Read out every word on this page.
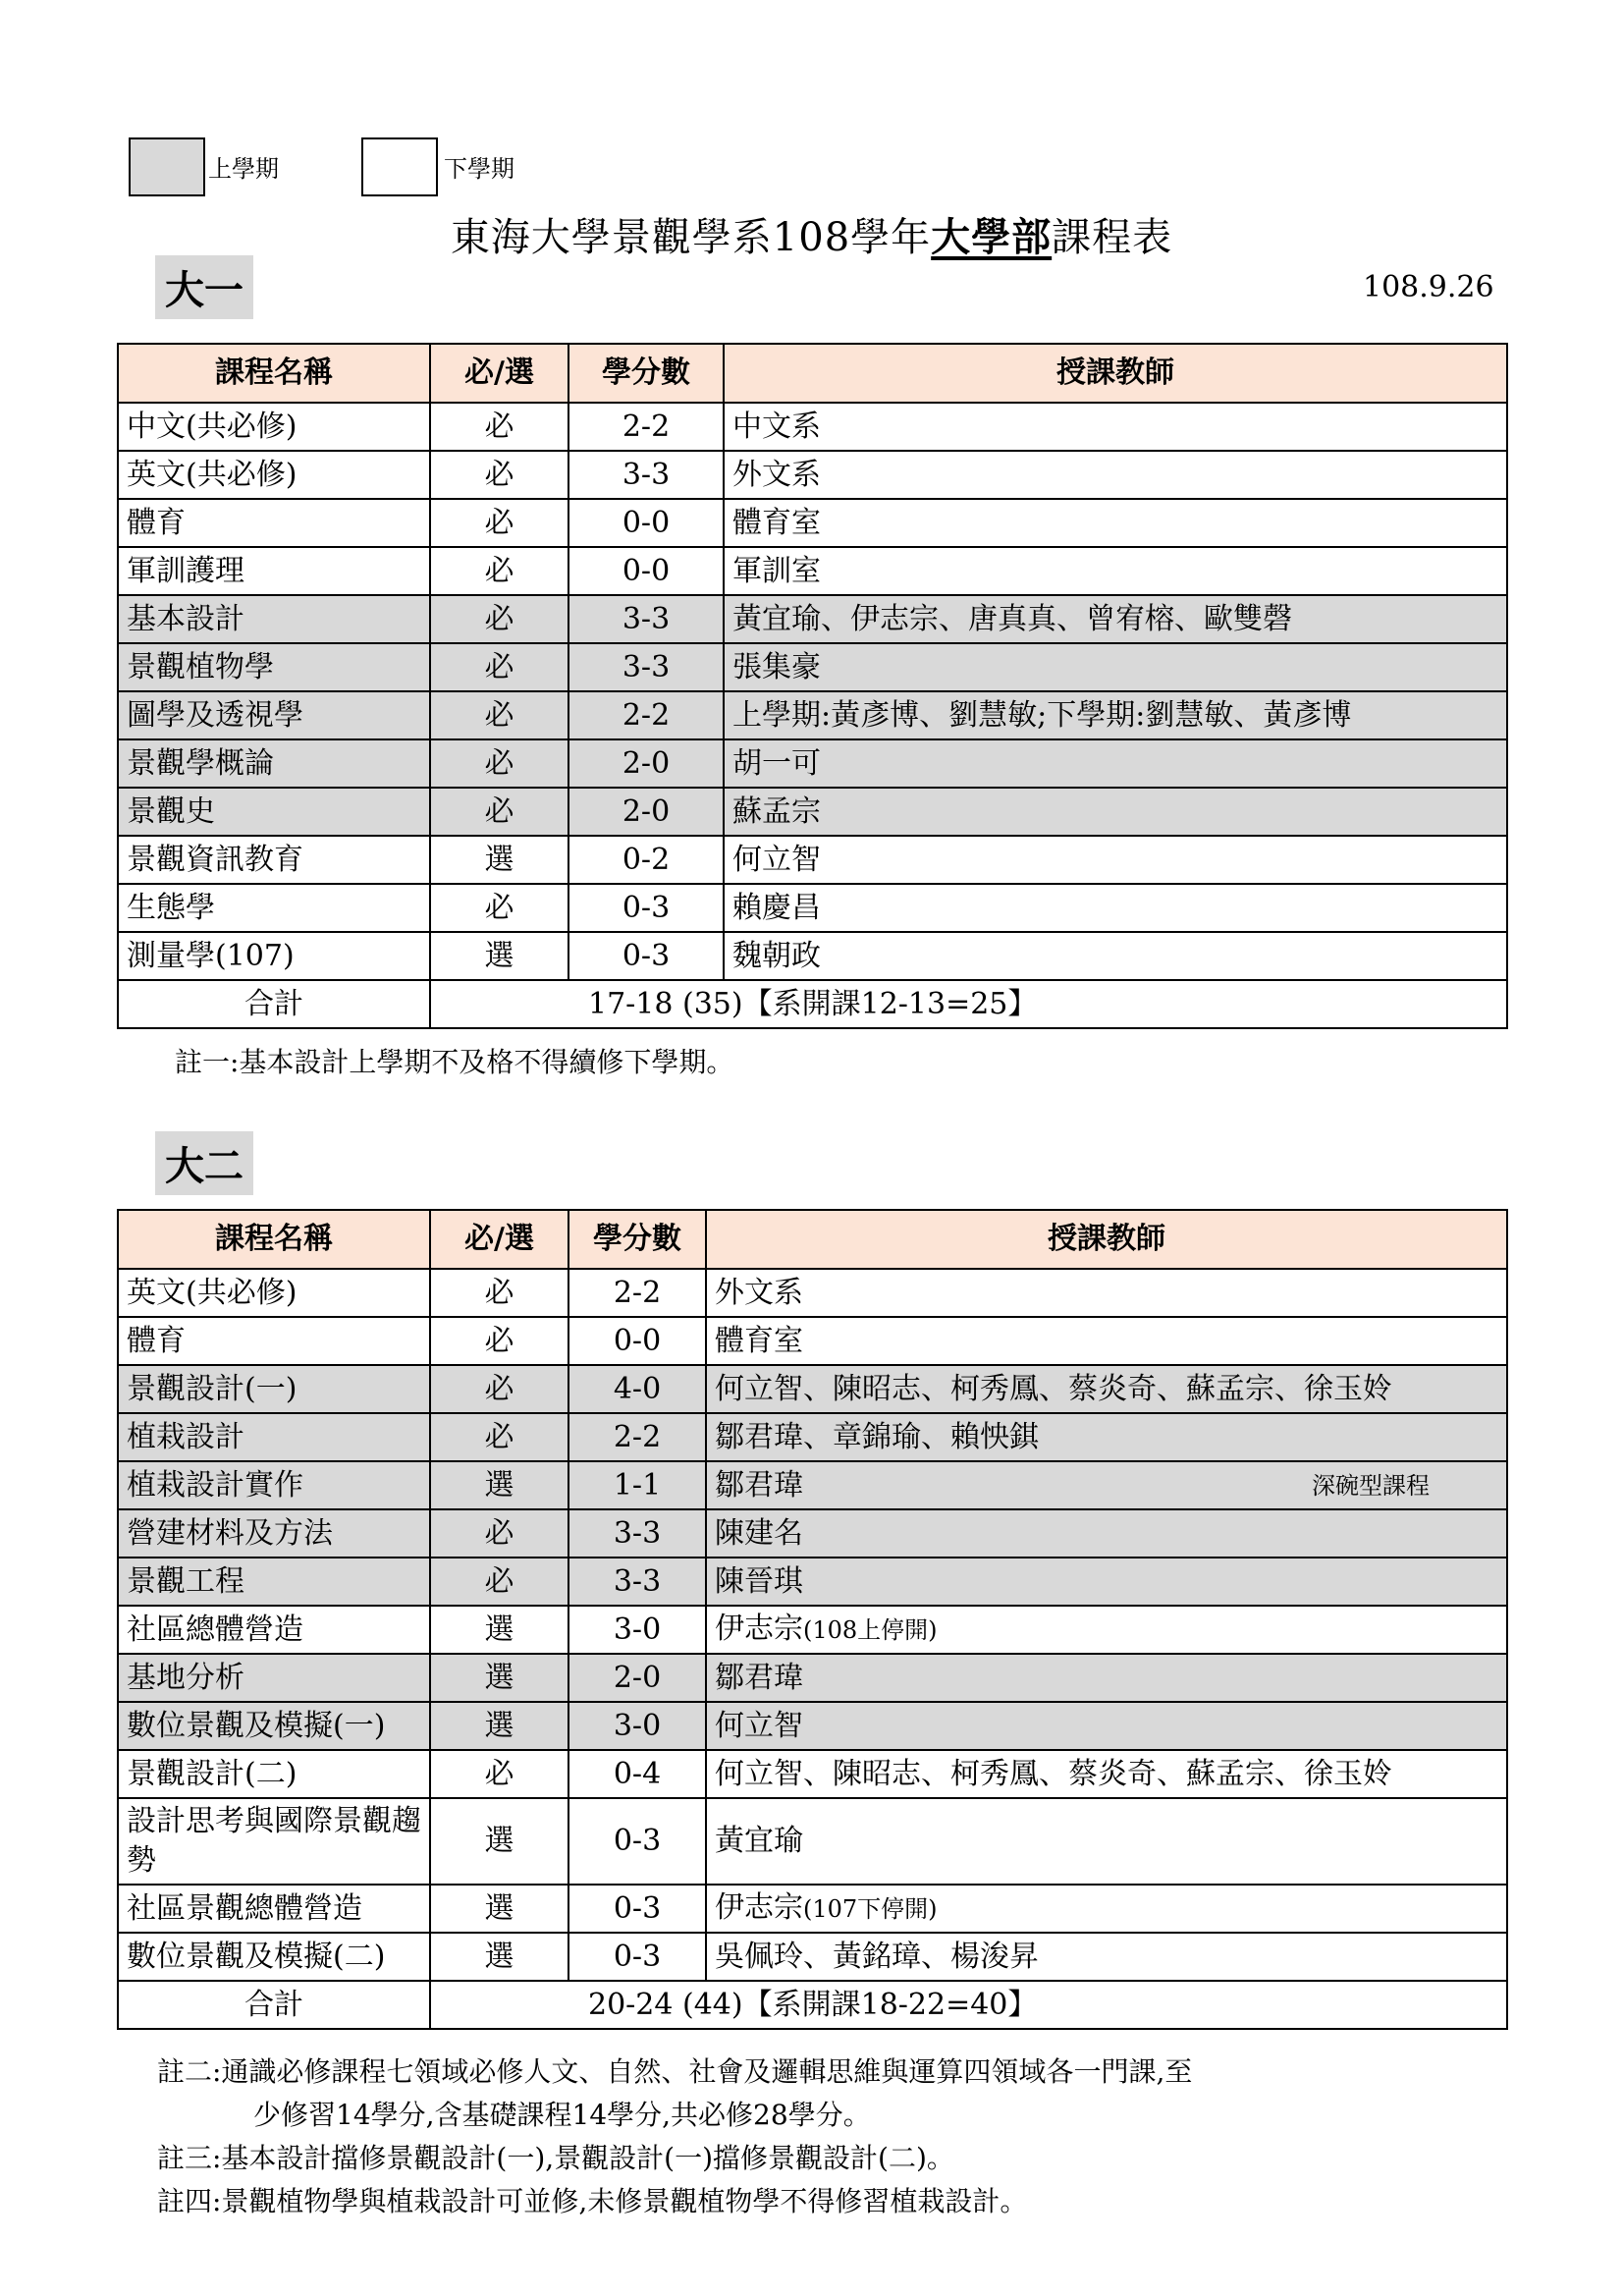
上學期	下學期
東海大學景觀學系108學年大學部課程表
大一	108.9.26
課程名稱	必/選	學分數	授課教師
中文(共必修)	必	2-2	中文系
英文(共必修)	必	3-3	外文系
體育	必	0-0	體育室
軍訓護理	必	0-0	軍訓室
基本設計	必	3-3	黃宜瑜、伊志宗、唐真真、曾宥榕、歐雙磬
景觀植物學	必	3-3	張集豪
圖學及透視學	必	2-2	上學期:黃彥博、劉慧敏;下學期:劉慧敏、黃彥博
景觀學概論	必	2-0	胡一可
景觀史	必	2-0	蘇孟宗
景觀資訊教育	選	0-2	何立智
生態學	必	0-3	賴慶昌
測量學(107)	選	0-3	魏朝政
合計	17-18 (35)【系開課12-13=25】		
註一:基本設計上學期不及格不得續修下學期。
大二
課程名稱	必/選	學分數	授課教師
英文(共必修)	必	2-2	外文系
體育	必	0-0	體育室
景觀設計(一)	必	4-0	何立智、陳昭志、柯秀鳳、蔡炎奇、蘇孟宗、徐玉姈
植栽設計	必	2-2	鄒君瑋、章錦瑜、賴怏錤
植栽設計實作	選	1-1	鄒君瑋 深碗型課程

營建材料及方法	必	3-3	陳建名
景觀工程	必	3-3	陳晉琪
社區總體營造	選	3-0	伊志宗(108上停開)
基地分析	選	2-0	鄒君瑋
數位景觀及模擬(一)	選	3-0	何立智
景觀設計(二)	必	0-4	何立智、陳昭志、柯秀鳳、蔡炎奇、蘇孟宗、徐玉姈
設計思考與國際景觀趨勢	選	0-3	黃宜瑜
社區景觀總體營造	選	0-3	伊志宗(107下停開)
數位景觀及模擬(二)	選	0-3	吳佩玲、黃銘璋、楊浚昇
合計	20-24 (44)【系開課18-22=40】		
註二:通識必修課程七領域必修人文、自然、社會及邏輯思維與運算四領域各一門課,至
少修習14學分,含基礎課程14學分,共必修28學分。
註三:基本設計擋修景觀設計(一),景觀設計(一)擋修景觀設計(二)。
註四:景觀植物學與植栽設計可並修,未修景觀植物學不得修習植栽設計。
